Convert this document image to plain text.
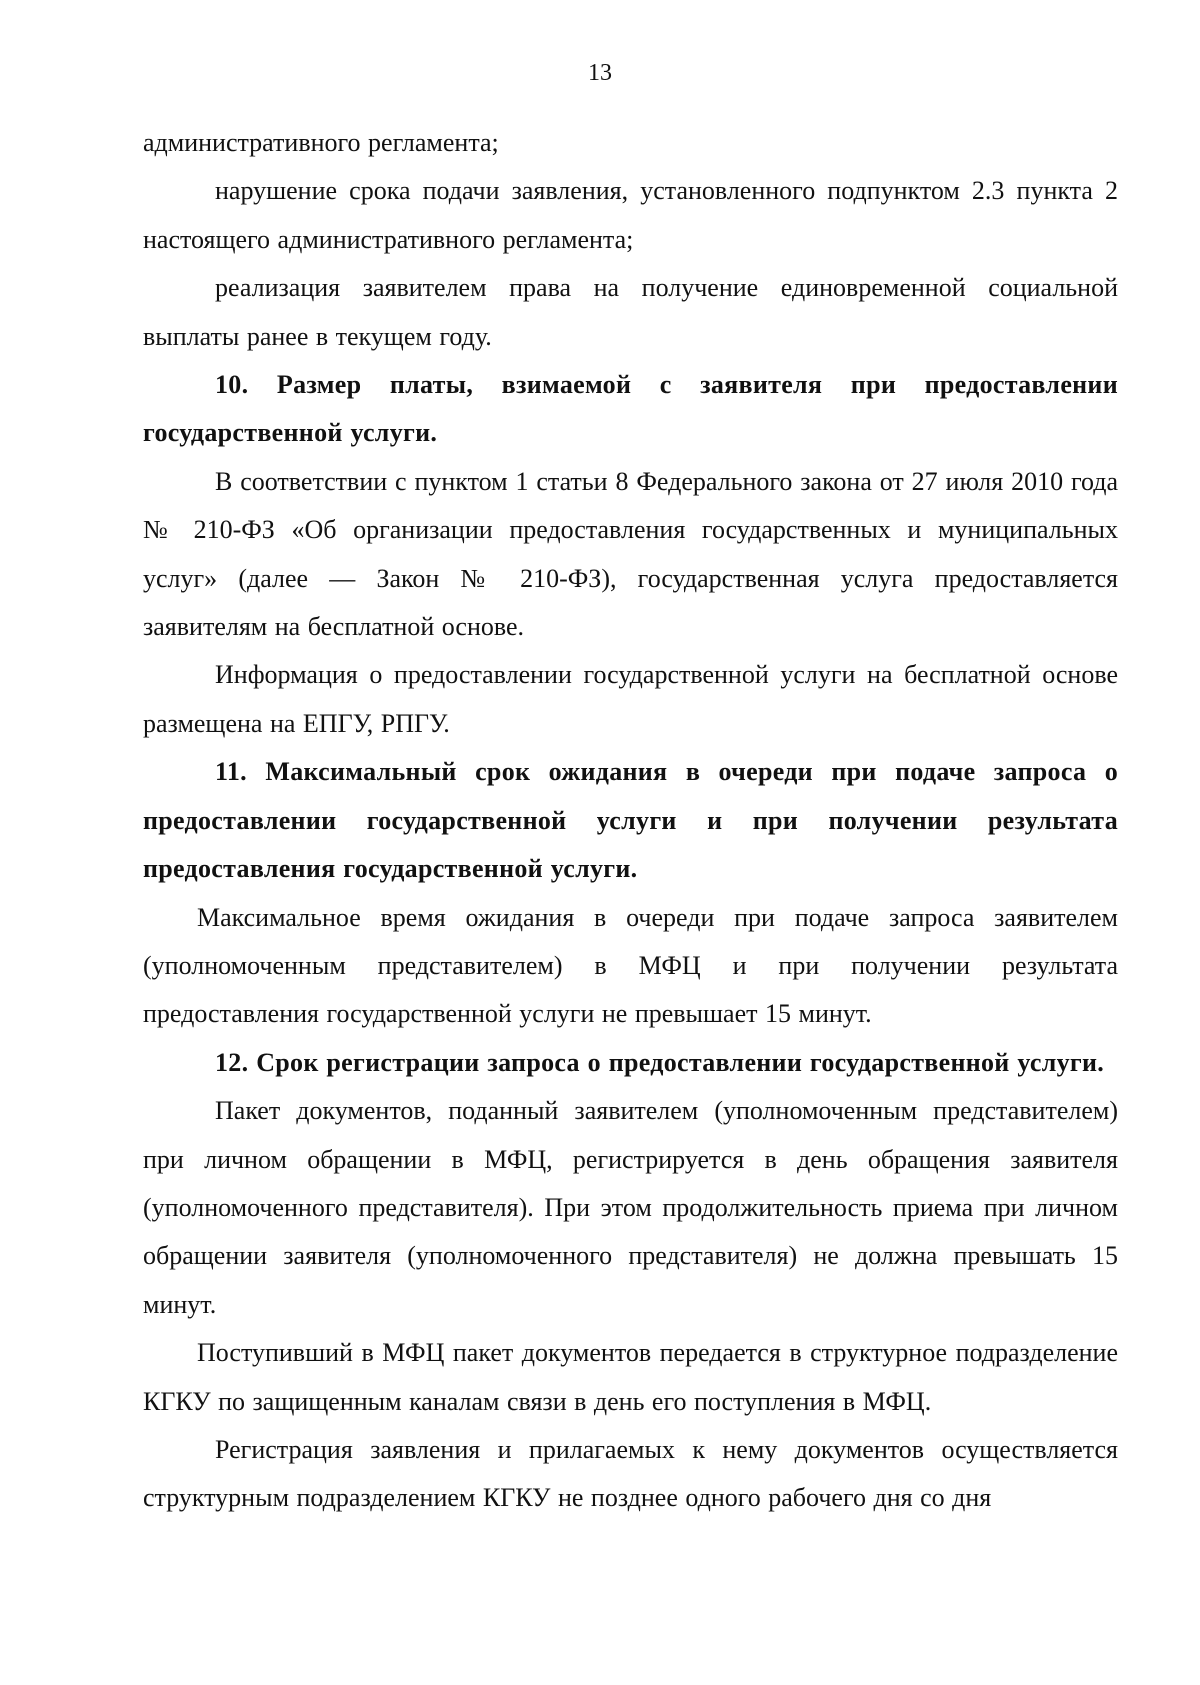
13

административного регламента;

нарушение срока подачи заявления, установленного подпунктом 2.3 пункта 2 настоящего административного регламента;

реализация заявителем права на получение единовременной социальной выплаты ранее в текущем году.

10. Размер платы, взимаемой с заявителя при предоставлении государственной услуги.

В соответствии с пунктом 1 статьи 8 Федерального закона от 27 июля 2010 года № 210-ФЗ «Об организации предоставления государственных и муниципальных услуг» (далее — Закон № 210-ФЗ), государственная услуга предоставляется заявителям на бесплатной основе.

Информация о предоставлении государственной услуги на бесплатной основе размещена на ЕПГУ, РПГУ.

11. Максимальный срок ожидания в очереди при подаче запроса о предоставлении государственной услуги и при получении результата предоставления государственной услуги.

Максимальное время ожидания в очереди при подаче запроса заявителем (уполномоченным представителем) в МФЦ и при получении результата предоставления государственной услуги не превышает 15 минут.

12. Срок регистрации запроса о предоставлении государственной услуги.

Пакет документов, поданный заявителем (уполномоченным представителем) при личном обращении в МФЦ, регистрируется в день обращения заявителя (уполномоченного представителя). При этом продолжительность приема при личном обращении заявителя (уполномоченного представителя) не должна превышать 15 минут.

Поступивший в МФЦ пакет документов передается в структурное подразделение КГКУ по защищенным каналам связи в день его поступления в МФЦ.

Регистрация заявления и прилагаемых к нему документов осуществляется структурным подразделением КГКУ не позднее одного рабочего дня со дня
